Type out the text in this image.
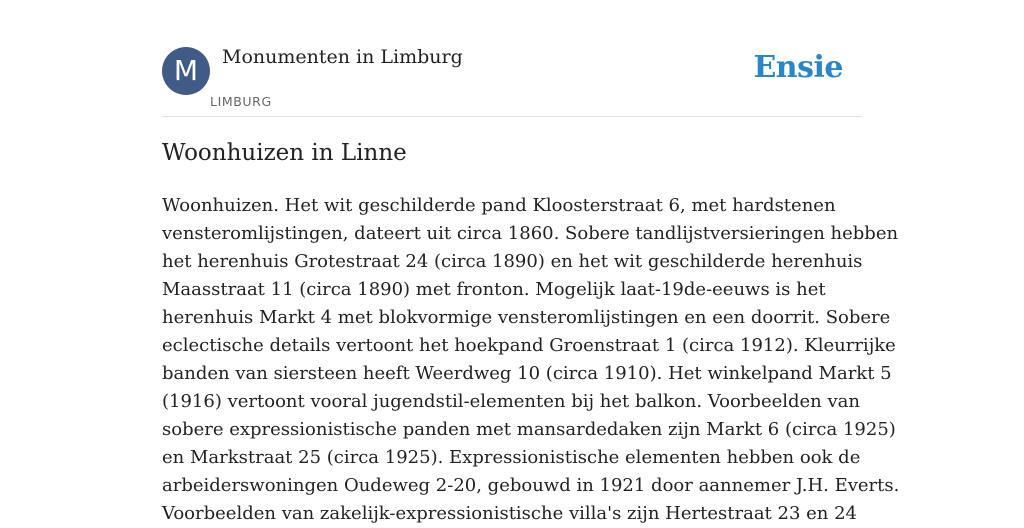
M	Monumenten in Limburg
LIMBURG
Ensie
Woonhuizen in Linne
Woonhuizen. Het wit geschilderde pand Kloosterstraat 6, met hardstenen
vensteromlijstingen, dateert uit circa 1860. Sobere tandlijstversieringen hebben
het herenhuis Grotestraat 24 (circa 1890) en het wit geschilderde herenhuis
Maasstraat 11 (circa 1890) met fronton. Mogelijk laat-19de-eeuws is het
herenhuis Markt 4 met blokvormige vensteromlijstingen en een doorrit. Sobere
eclectische details vertoont het hoekpand Groenstraat 1 (circa 1912). Kleurrijke
banden van siersteen heeft Weerdweg 10 (circa 1910). Het winkelpand Markt 5
(1916) vertoont vooral jugendstil-elementen bij het balkon. Voorbeelden van
sobere expressionistische panden met mansardedaken zijn Markt 6 (circa 1925)
en Markstraat 25 (circa 1925). Expressionistische elementen hebben ook de
arbeiderswoningen Oudeweg 2-20, gebouwd in 1921 door aannemer J.H. Everts.
Voorbeelden van zakelijk-expressionistische villa's zijn Hertestraat 23 en 24
